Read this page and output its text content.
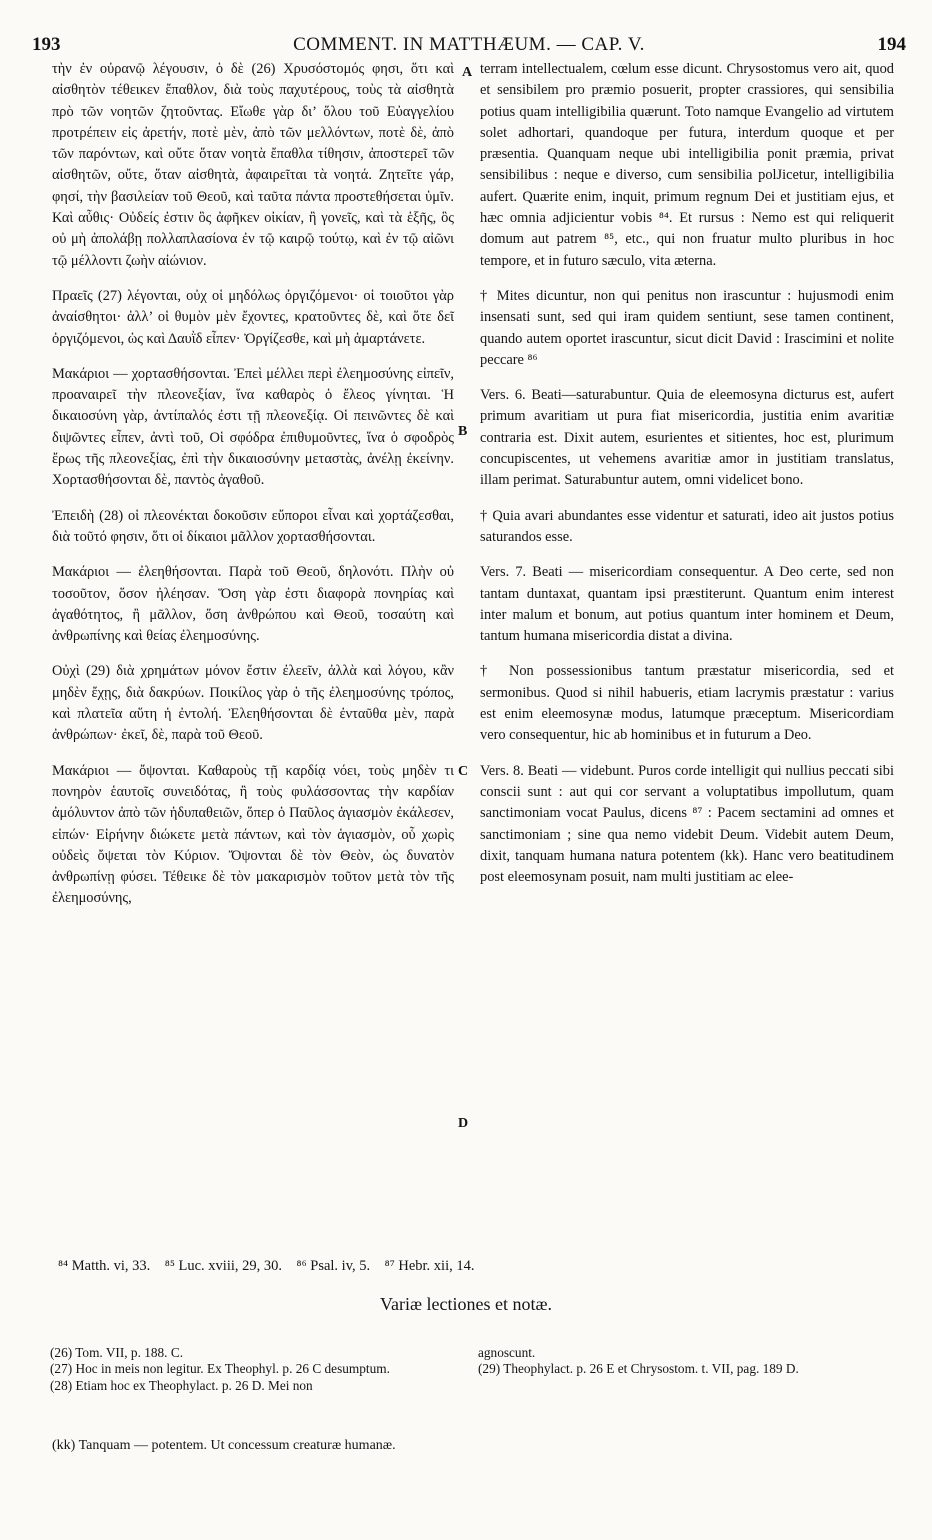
193	COMMENT. IN MATTHÆUM. — CAP. V.	194

τὴν ἐν οὐρανῷ λέγουσιν, ὁ δὲ (26) Χρυσόστομός φησι, ὅτι καὶ αἰσθητὸν τέθεικεν ἔπαθλον, διὰ τοὺς παχυτέρους, τοὺς τὰ αἰσθητὰ πρὸ τῶν νοητῶν ζητοῦντας. Εἴωθε γὰρ δι’ ὅλου τοῦ Εὐαγγελίου προτρέπειν εἰς ἀρετήν, ποτὲ μὲν, ἀπὸ τῶν μελλόντων, ποτὲ δὲ, ἀπὸ τῶν παρόντων, καὶ οὔτε ὅταν νοητὰ ἔπαθλα τίθησιν, ἀποστερεῖ τῶν αἰσθητῶν, οὔτε, ὅταν αἰσθητὰ, ἀφαιρεῖται τὰ νοητά. Ζητεῖτε γάρ, φησί, τὴν βασιλείαν τοῦ Θεοῦ, καὶ ταῦτα πάντα προστεθήσεται ὑμῖν. Καὶ αὖθις· Οὐδείς ἐστιν ὃς ἀφῆκεν οἰκίαν, ἢ γονεῖς, καὶ τὰ ἑξῆς, ὃς οὐ μὴ ἀπολάβῃ πολλαπλασίονα ἐν τῷ καιρῷ τούτῳ, καὶ ἐν τῷ αἰῶνι τῷ μέλλοντι ζωὴν αἰώνιον.

Πραεῖς (27) λέγονται, οὐχ οἱ μηδόλως ὀργιζόμενοι· οἱ τοιοῦτοι γὰρ ἀναίσθητοι· ἀλλ’ οἱ θυμὸν μὲν ἔχοντες, κρατοῦντες δὲ, καὶ ὅτε δεῖ ὀργιζόμενοι, ὡς καὶ Δαυῒδ εἶπεν· Ὀργίζεσθε, καὶ μὴ ἁμαρτάνετε.

Μακάριοι — χορτασθήσονται. Ἐπεὶ μέλλει περὶ ἐλεημοσύνης εἰπεῖν, προαναιρεῖ τὴν πλεονεξίαν, ἵνα καθαρὸς ὁ ἔλεος γίνηται. Ἡ δικαιοσύνη γὰρ, ἀντίπαλός ἐστι τῇ πλεονεξίᾳ. Οἱ πεινῶντες δὲ καὶ διψῶντες εἶπεν, ἀντὶ τοῦ, Οἱ σφόδρα ἐπιθυμοῦντες, ἵνα ὁ σφοδρὸς ἔρως τῆς πλεονεξίας, ἐπὶ τὴν δικαιοσύνην μεταστὰς, ἀνέλῃ ἐκείνην. Χορτασθήσονται δὲ, παντὸς ἀγαθοῦ.

Ἐπειδὴ (28) οἱ πλεονέκται δοκοῦσιν εὔποροι εἶναι καὶ χορτάζεσθαι, διὰ τοῦτό φησιν, ὅτι οἱ δίκαιοι μᾶλλον χορτασθήσονται.

Μακάριοι — ἐλεηθήσονται. Παρὰ τοῦ Θεοῦ, δηλονότι. Πλὴν οὐ τοσοῦτον, ὅσον ἠλέησαν. Ὅση γὰρ ἐστι διαφορὰ πονηρίας καὶ ἀγαθότητος, ἢ μᾶλλον, ὅση ἀνθρώπου καὶ Θεοῦ, τοσαύτη καὶ ἀνθρωπίνης καὶ θείας ἐλεημοσύνης.

Οὐχὶ (29) διὰ χρημάτων μόνον ἔστιν ἐλεεῖν, ἀλλὰ καὶ λόγου, κἂν μηδὲν ἔχῃς, διὰ δακρύων. Ποικίλος γὰρ ὁ τῆς ἐλεημοσύνης τρόπος, καὶ πλατεῖα αὕτη ἡ ἐντολή. Ἐλεηθήσονται δὲ ἐνταῦθα μὲν, παρὰ ἀνθρώπων· ἐκεῖ, δὲ, παρὰ τοῦ Θεοῦ.

Μακάριοι — ὄψονται. Καθαροὺς τῇ καρδίᾳ νόει, τοὺς μηδὲν τι πονηρὸν ἑαυτοῖς συνειδότας, ἢ τοὺς φυλάσσοντας τὴν καρδίαν ἀμόλυντον ἀπὸ τῶν ἡδυπαθειῶν, ὅπερ ὁ Παῦλος ἁγιασμὸν ἐκάλεσεν, εἰπών· Εἰρήνην διώκετε μετὰ πάντων, καὶ τὸν ἁγιασμὸν, οὗ χωρὶς οὐδεὶς ὄψεται τὸν Κύριον. Ὄψονται δὲ τὸν Θεὸν, ὡς δυνατὸν ἀνθρωπίνῃ φύσει. Τέθεικε δὲ τὸν μακαρισμὸν τοῦτον μετὰ τὸν τῆς ἐλεημοσύνης,

A
B
C
D

terram intellectualem, cœlum esse dicunt. Chrysostomus vero ait, quod et sensibilem pro præmio posuerit, propter crassiores, qui sensibilia potius quam intelligibilia quærunt. Toto namque Evangelio ad virtutem solet adhortari, quandoque per futura, interdum quoque et per præsentia. Quanquam neque ubi intelligibilia ponit præmia, privat sensibilibus : neque e diverso, cum sensibilia polJicetur, intelligibilia aufert. Quærite enim, inquit, primum regnum Dei et justitiam ejus, et hæc omnia adjicientur vobis ⁸⁴. Et rursus : Nemo est qui reliquerit domum aut patrem ⁸⁵, etc., qui non fruatur multo pluribus in hoc tempore, et in futuro sæculo, vita æterna.

† Mites dicuntur, non qui penitus non irascuntur : hujusmodi enim insensati sunt, sed qui iram quidem sentiunt, sese tamen continent, quando autem oportet irascuntur, sicut dicit David : Irascimini et nolite peccare ⁸⁶

Vers. 6. Beati—saturabuntur. Quia de eleemosyna dicturus est, aufert primum avaritiam ut pura fiat misericordia, justitia enim avaritiæ contraria est. Dixit autem, esurientes et sitientes, hoc est, plurimum concupiscentes, ut vehemens avaritiæ amor in justitiam translatus, illam perimat. Saturabuntur autem, omni videlicet bono.

† Quia avari abundantes esse videntur et saturati, ideo ait justos potius saturandos esse.

Vers. 7. Beati — misericordiam consequentur. A Deo certe, sed non tantam duntaxat, quantam ipsi præstiterunt. Quantum enim interest inter malum et bonum, aut potius quantum inter hominem et Deum, tantum humana misericordia distat a divina.

† Non possessionibus tantum præstatur misericordia, sed et sermonibus. Quod si nihil habueris, etiam lacrymis præstatur : varius est enim eleemosynæ modus, latumque præceptum. Misericordiam vero consequentur, hic ab hominibus et in futurum a Deo.

Vers. 8. Beati — videbunt. Puros corde intelligit qui nullius peccati sibi conscii sunt : aut qui cor servant a voluptatibus impollutum, quam sanctimoniam vocat Paulus, dicens ⁸⁷ : Pacem sectamini ad omnes et sanctimoniam ; sine qua nemo videbit Deum. Videbit autem Deum, dixit, tanquam humana natura potentem (kk). Hanc vero beatitudinem post eleemosynam posuit, nam multi justitiam ac elee-

⁸⁴ Matth. vi, 33.    ⁸⁵ Luc. xviii, 29, 30.    ⁸⁶ Psal. iv, 5.    ⁸⁷ Hebr. xii, 14.
Variæ lectiones et notæ.

(26) Tom. VII, p. 188. C.

(27) Hoc in meis non legitur. Ex Theophyl. p. 26 C desumptum.

(28) Etiam hoc ex Theophylact. p. 26 D. Mei non

agnoscunt.

(29) Theophylact. p. 26 E et Chrysostom. t. VII, pag. 189 D.

(kk) Tanquam — potentem. Ut concessum creaturæ humanæ.
